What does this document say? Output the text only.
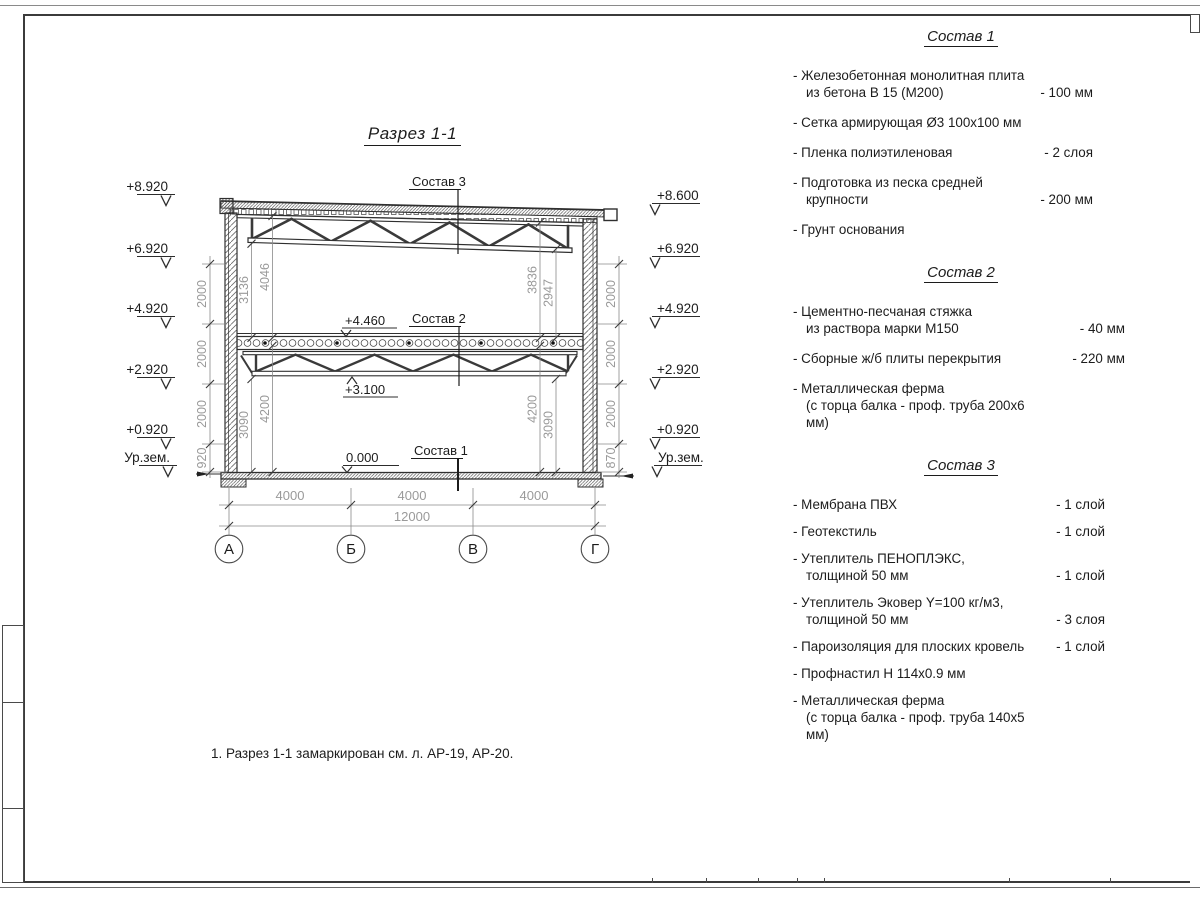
Разрез 1-1
Состав 3
Состав 2
Состав 1
+4.460
+3.100
0.000
3136 4046	3836 2947
3090
4200	4200
3090
2000
2000
2000
920
2000
2000
2000
870
+8.920
+6.920
+4.920
+2.920
+0.920
Ур.зем.
+8.600
+6.920
+4.920
+2.920
+0.920
Ур.зем.
4000	4000	4000
12000
А	Б	В	Г
1. Разрез 1-1 замаркирован см. л. АР-19, АР-20.
Состав 1
- Железобетонная монолитная плита
из бетона В 15 (М200)	- 100 мм
- Сетка армирующая Ø3 100х100 мм
- Пленка полиэтиленовая	- 2 слоя
- Подготовка из песка средней
крупности	- 200 мм
- Грунт основания
Состав 2
- Цементно-песчаная стяжка
из раствора марки М150	- 40 мм
- Сборные ж/б плиты перекрытия	- 220 мм
- Металлическая ферма
(с торца балка - проф. труба 200х6 мм)
Состав 3
- Мембрана ПВХ	- 1 слой
- Геотекстиль	- 1 слой
- Утеплитель ПЕНОПЛЭКС,
толщиной 50 мм	- 1 слой
- Утеплитель Эковер Y=100 кг/м3,
толщиной 50 мм	- 3 слоя
- Пароизоляция для плоских кровель - 1 слой
- Профнастил Н 114х0.9 мм
- Металлическая ферма
(с торца балка - проф. труба 140х5 мм)
